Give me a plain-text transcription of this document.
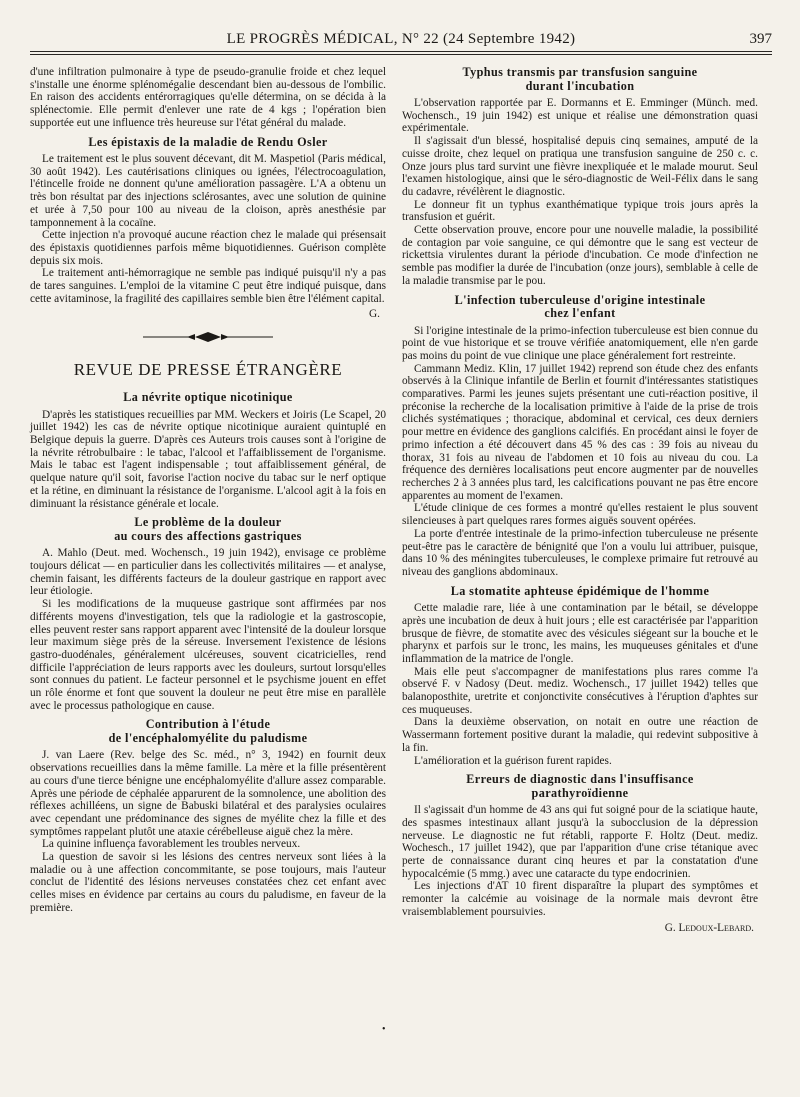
LE PROGRÈS MÉDICAL, N° 22 (24 Septembre 1942)	397

d'une infiltration pulmonaire à type de pseudo-granulie froide et chez lequel s'installe une énorme splénomégalie descendant bien au-dessous de l'ombilic. En raison des accidents entérorragiques qu'elle détermina, on se décida à la splénectomie. Elle permit d'enlever une rate de 4 kgs ; l'opération bien supportée eut une influence très heureuse sur l'état général du malade.

Les épistaxis de la maladie de Rendu Osler

Le traitement est le plus souvent décevant, dit M. Maspetiol (Paris médical, 30 août 1942). Les cautérisations cliniques ou ignées, l'électrocoagulation, l'étincelle froide ne donnent qu'une amélioration passagère. L'A a obtenu un très bon résultat par des injections sclérosantes, avec une solution de quinine et urée à 7,50 pour 100 au niveau de la cloison, après anesthésie par tamponnement à la cocaïne.

Cette injection n'a provoqué aucune réaction chez le malade qui présensait des épistaxis quotidiennes parfois même biquotidiennes. Guérison complète depuis six mois.

Le traitement anti-hémorragique ne semble pas indiqué puisqu'il n'y a pas de tares sanguines. L'emploi de la vitamine C peut être indiqué puisque, dans cette avitaminose, la fragilité des capillaires semble bien être l'élément capital.

G.
REVUE DE PRESSE ÉTRANGÈRE
La névrite optique nicotinique

D'après les statistiques recueillies par MM. Weckers et Joiris (Le Scapel, 20 juillet 1942) les cas de névrite optique nicotinique auraient quintuplé en Belgique depuis la guerre. D'après ces Auteurs trois causes sont à l'origine de la névrite rétrobulbaire : le tabac, l'alcool et l'affaiblissement de l'organisme. Mais le tabac est l'agent indispensable ; tout affaiblissement général, de quelque nature qu'il soit, favorise l'action nocive du tabac sur le nerf optique et la rétine, en diminuant la résistance de l'organisme. L'alcool agit à la fois en diminuant la résistance générale et locale.

Le problème de la douleur
au cours des affections gastriques

A. Mahlo (Deut. med. Wochensch., 19 juin 1942), envisage ce problème toujours délicat — en particulier dans les collectivités militaires — et analyse, chemin faisant, les différents facteurs de la douleur gastrique en rapport avec leur étiologie.

Si les modifications de la muqueuse gastrique sont affirmées par nos différents moyens d'investigation, tels que la radiologie et la gastroscopie, elles peuvent rester sans rapport apparent avec l'intensité de la douleur lorsque leur maximum siège près de la séreuse. Inversement l'existence de lésions gastro-duodénales, généralement ulcéreuses, souvent cicatricielles, rend difficile l'appréciation de leurs rapports avec les douleurs, surtout lorsqu'elles sont connues du patient. Le facteur personnel et le psychisme jouent en effet un rôle énorme et font que souvent la douleur ne peut être mise en parallèle avec le processus pathologique en cause.

Contribution à l'étude
de l'encéphalomyélite du paludisme

J. van Laere (Rev. belge des Sc. méd., n° 3, 1942) en fournit deux observations recueillies dans la même famille. La mère et la fille présentèrent au cours d'une tierce bénigne une encéphalomyélite d'allure assez comparable. Après une période de céphalée apparurent de la somnolence, une abolition des réflexes achilléens, un signe de Babuski bilatéral et des paralysies oculaires avec cependant une prédominance des signes de myélite chez la fille et des symptômes rappelant plutôt une ataxie cérébelleuse aiguë chez la mère.

La quinine influença favorablement les troubles nerveux.

La question de savoir si les lésions des centres nerveux sont liées à la maladie ou à une affection concommitante, se pose toujours, mais l'auteur conclut de l'identité des lésions nerveuses constatées chez cet enfant avec celles mises en évidence par certains au cours du paludisme, en faveur de la première.

Typhus transmis par transfusion sanguine
durant l'incubation

L'observation rapportée par E. Dormanns et E. Emminger (Münch. med. Wochensch., 19 juin 1942) est unique et réalise une démonstration quasi expérimentale.

Il s'agissait d'un blessé, hospitalisé depuis cinq semaines, amputé de la cuisse droite, chez lequel on pratiqua une transfusion sanguine de 250 c. c. Onze jours plus tard survint une fièvre inexpliquée et le malade mourut. Seul l'examen histologique, ainsi que le séro-diagnostic de Weil-Félix dans le sang du cadavre, révélèrent le diagnostic.

Le donneur fit un typhus exanthématique typique trois jours après la transfusion et guérit.

Cette observation prouve, encore pour une nouvelle maladie, la possibilité de contagion par voie sanguine, ce qui démontre que le sang est vecteur de rickettsia virulentes durant la période d'incubation. Ce mode d'infection ne semble pas modifier la durée de l'incubation (onze jours), semblable à celle de la maladie transmise par le pou.

L'infection tuberculeuse d'origine intestinale
chez l'enfant

Si l'origine intestinale de la primo-infection tuberculeuse est bien connue du point de vue historique et se trouve vérifiée anatomiquement, elle n'en garde pas moins du point de vue clinique une place généralement fort restreinte.

Cammann Mediz. Klin, 17 juillet 1942) reprend son étude chez des enfants observés à la Clinique infantile de Berlin et fournit d'intéressantes statistiques comparatives. Parmi les jeunes sujets présentant une cuti-réaction positive, il préconise la recherche de la localisation primitive à l'aide de la prise de trois clichés systématiques ; thoracique, abdominal et cervical, ces deux derniers pour mettre en évidence des ganglions calcifiés. En procédant ainsi le foyer de primo infection a été découvert dans 45 % des cas : 39 fois au niveau du thorax, 31 fois au niveau de l'abdomen et 10 fois au niveau du cou. La fréquence des dernières localisations peut encore augmenter par de nouvelles recherches 2 à 3 années plus tard, les calcifications pouvant ne pas être encore apparentes au moment de l'examen.

L'étude clinique de ces formes a montré qu'elles restaient le plus souvent silencieuses à part quelques rares formes aiguës souvent opérées.

La porte d'entrée intestinale de la primo-infection tuberculeuse ne présente peut-être pas le caractère de bénignité que l'on a voulu lui attribuer, puisque, dans 10 % des méningites tuberculeuses, le complexe primaire fut retrouvé au niveau des ganglions abdominaux.

La stomatite aphteuse épidémique de l'homme

Cette maladie rare, liée à une contamination par le bétail, se développe après une incubation de deux à huit jours ; elle est caractérisée par l'apparition brusque de fièvre, de stomatite avec des vésicules siégeant sur la bouche et le pharynx et parfois sur le tronc, les mains, les muqueuses génitales et d'une inflammation de la matrice de l'ongle.

Mais elle peut s'accompagner de manifestations plus rares comme l'a observé F. v Nadosy (Deut. mediz. Wochensch., 17 juillet 1942) telles que balanoposthite, uretrite et conjonctivite consécutives à l'éruption d'aphtes sur ces muqueuses.

Dans la deuxième observation, on notait en outre une réaction de Wassermann fortement positive durant la maladie, qui redevint subpositive à la fin.

L'amélioration et la guérison furent rapides.

Erreurs de diagnostic dans l'insuffisance
parathyroïdienne

Il s'agissait d'un homme de 43 ans qui fut soigné pour de la sciatique haute, des spasmes intestinaux allant jusqu'à la subocclusion de la dépression nerveuse. Le diagnostic ne fut rétabli, rapporte F. Holtz (Deut. mediz. Wochesch., 17 juillet 1942), que par l'apparition d'une crise tétanique avec perte de connaissance durant cinq heures et par la constatation d'une hypocalcémie (5 mmg.) avec une cataracte du type endocrinien.

Les injections d'AT 10 firent disparaître la plupart des symptômes et remonter la calcémie au voisinage de la normale mais devront être vraisemblablement poursuivies.

G. Ledoux-Lebard.
•
